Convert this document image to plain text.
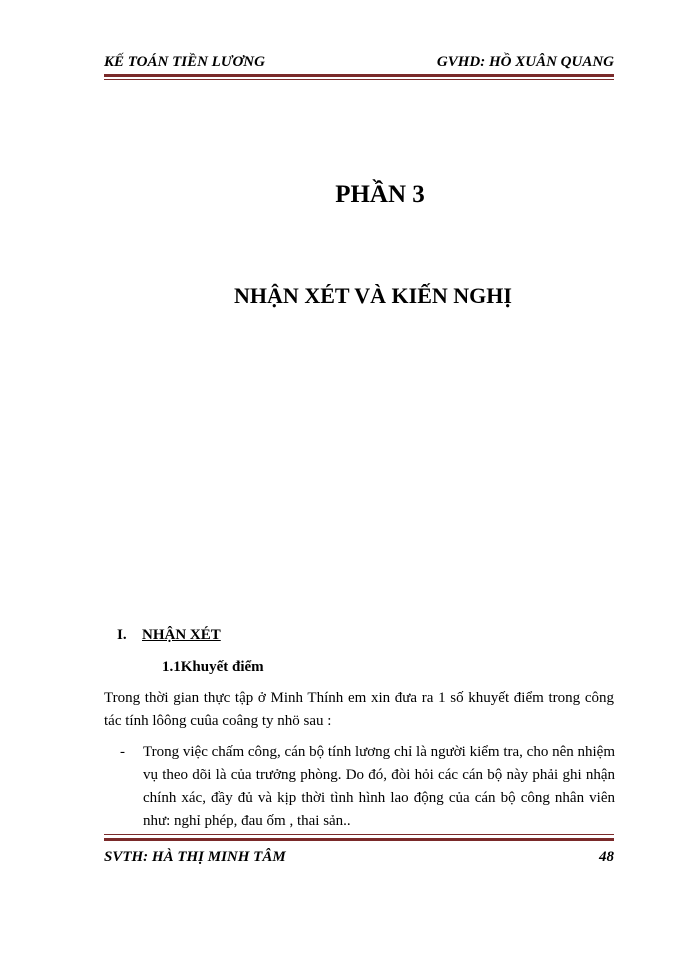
KẾ TOÁN TIỀN LƯƠNG	GVHD: HỒ XUÂN QUANG
PHẦN 3
NHẬN XÉT VÀ KIẾN NGHỊ
I. NHẬN XÉT
1.1Khuyết điểm
Trong thời gian thực tập ở Minh Thính em xin đưa ra 1 số khuyết điểm trong công tác tính lôông cuûa coâng ty nhö sau :
- Trong việc chấm công, cán bộ tính lương chỉ là người kiểm tra, cho nên nhiệm vụ theo dõi là của trưởng phòng. Do đó, đòi hỏi các cán bộ này phải ghi nhận chính xác, đầy đủ và kịp thời tình hình lao động của cán bộ công nhân viên như: nghỉ phép, đau ốm , thai sản..
SVTH: HÀ THỊ MINH TÂM	48
